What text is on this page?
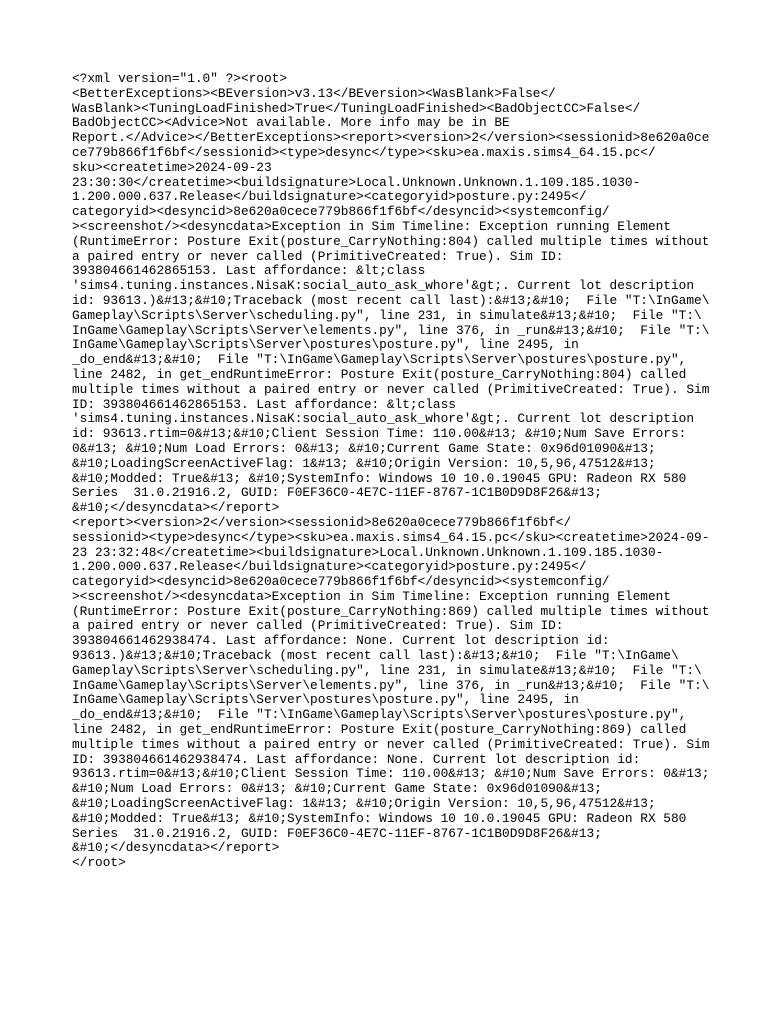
<?xml version="1.0" ?><root>
<BetterExceptions><BEversion>v3.13</BEversion><WasBlank>False</
WasBlank><TuningLoadFinished>True</TuningLoadFinished><BadObjectCC>False</
BadObjectCC><Advice>Not available. More info may be in BE
Report.</Advice></BetterExceptions><report><version>2</version><sessionid>8e620a0ce
ce779b866f1f6bf</sessionid><type>desync</type><sku>ea.maxis.sims4_64.15.pc</
sku><createtime>2024-09-23
23:30:30</createtime><buildsignature>Local.Unknown.Unknown.1.109.185.1030-
1.200.000.637.Release</buildsignature><categoryid>posture.py:2495</
categoryid><desyncid>8e620a0cece779b866f1f6bf</desyncid><systemconfig/
><screenshot/><desyncdata>Exception in Sim Timeline: Exception running Element
(RuntimeError: Posture Exit(posture_CarryNothing:804) called multiple times without
a paired entry or never called (PrimitiveCreated: True). Sim ID:
393804661462865153. Last affordance: &lt;class
'sims4.tuning.instances.NisaK:social_auto_ask_whore'&gt;. Current lot description
id: 93613.)&#13;&#10;Traceback (most recent call last):&#13;&#10;  File "T:\InGame\
Gameplay\Scripts\Server\scheduling.py", line 231, in simulate&#13;&#10;  File "T:\
InGame\Gameplay\Scripts\Server\elements.py", line 376, in _run&#13;&#10;  File "T:\
InGame\Gameplay\Scripts\Server\postures\posture.py", line 2495, in
_do_end&#13;&#10;  File "T:\InGame\Gameplay\Scripts\Server\postures\posture.py",
line 2482, in get_endRuntimeError: Posture Exit(posture_CarryNothing:804) called
multiple times without a paired entry or never called (PrimitiveCreated: True). Sim
ID: 393804661462865153. Last affordance: &lt;class
'sims4.tuning.instances.NisaK:social_auto_ask_whore'&gt;. Current lot description
id: 93613.rtim=0&#13;&#10;Client Session Time: 110.00&#13; &#10;Num Save Errors:
0&#13; &#10;Num Load Errors: 0&#13; &#10;Current Game State: 0x96d01090&#13;
&#10;LoadingScreenActiveFlag: 1&#13; &#10;Origin Version: 10,5,96,47512&#13;
&#10;Modded: True&#13; &#10;SystemInfo: Windows 10 10.0.19045 GPU: Radeon RX 580
Series  31.0.21916.2, GUID: F0EF36C0-4E7C-11EF-8767-1C1B0D9D8F26&#13;
&#10;</desyncdata></report>
<report><version>2</version><sessionid>8e620a0cece779b866f1f6bf</
sessionid><type>desync</type><sku>ea.maxis.sims4_64.15.pc</sku><createtime>2024-09-
23 23:32:48</createtime><buildsignature>Local.Unknown.Unknown.1.109.185.1030-
1.200.000.637.Release</buildsignature><categoryid>posture.py:2495</
categoryid><desyncid>8e620a0cece779b866f1f6bf</desyncid><systemconfig/
><screenshot/><desyncdata>Exception in Sim Timeline: Exception running Element
(RuntimeError: Posture Exit(posture_CarryNothing:869) called multiple times without
a paired entry or never called (PrimitiveCreated: True). Sim ID:
393804661462938474. Last affordance: None. Current lot description id:
93613.)&#13;&#10;Traceback (most recent call last):&#13;&#10;  File "T:\InGame\
Gameplay\Scripts\Server\scheduling.py", line 231, in simulate&#13;&#10;  File "T:\
InGame\Gameplay\Scripts\Server\elements.py", line 376, in _run&#13;&#10;  File "T:\
InGame\Gameplay\Scripts\Server\postures\posture.py", line 2495, in
_do_end&#13;&#10;  File "T:\InGame\Gameplay\Scripts\Server\postures\posture.py",
line 2482, in get_endRuntimeError: Posture Exit(posture_CarryNothing:869) called
multiple times without a paired entry or never called (PrimitiveCreated: True). Sim
ID: 393804661462938474. Last affordance: None. Current lot description id:
93613.rtim=0&#13;&#10;Client Session Time: 110.00&#13; &#10;Num Save Errors: 0&#13;
&#10;Num Load Errors: 0&#13; &#10;Current Game State: 0x96d01090&#13;
&#10;LoadingScreenActiveFlag: 1&#13; &#10;Origin Version: 10,5,96,47512&#13;
&#10;Modded: True&#13; &#10;SystemInfo: Windows 10 10.0.19045 GPU: Radeon RX 580
Series  31.0.21916.2, GUID: F0EF36C0-4E7C-11EF-8767-1C1B0D9D8F26&#13;
&#10;</desyncdata></report>
</root>
